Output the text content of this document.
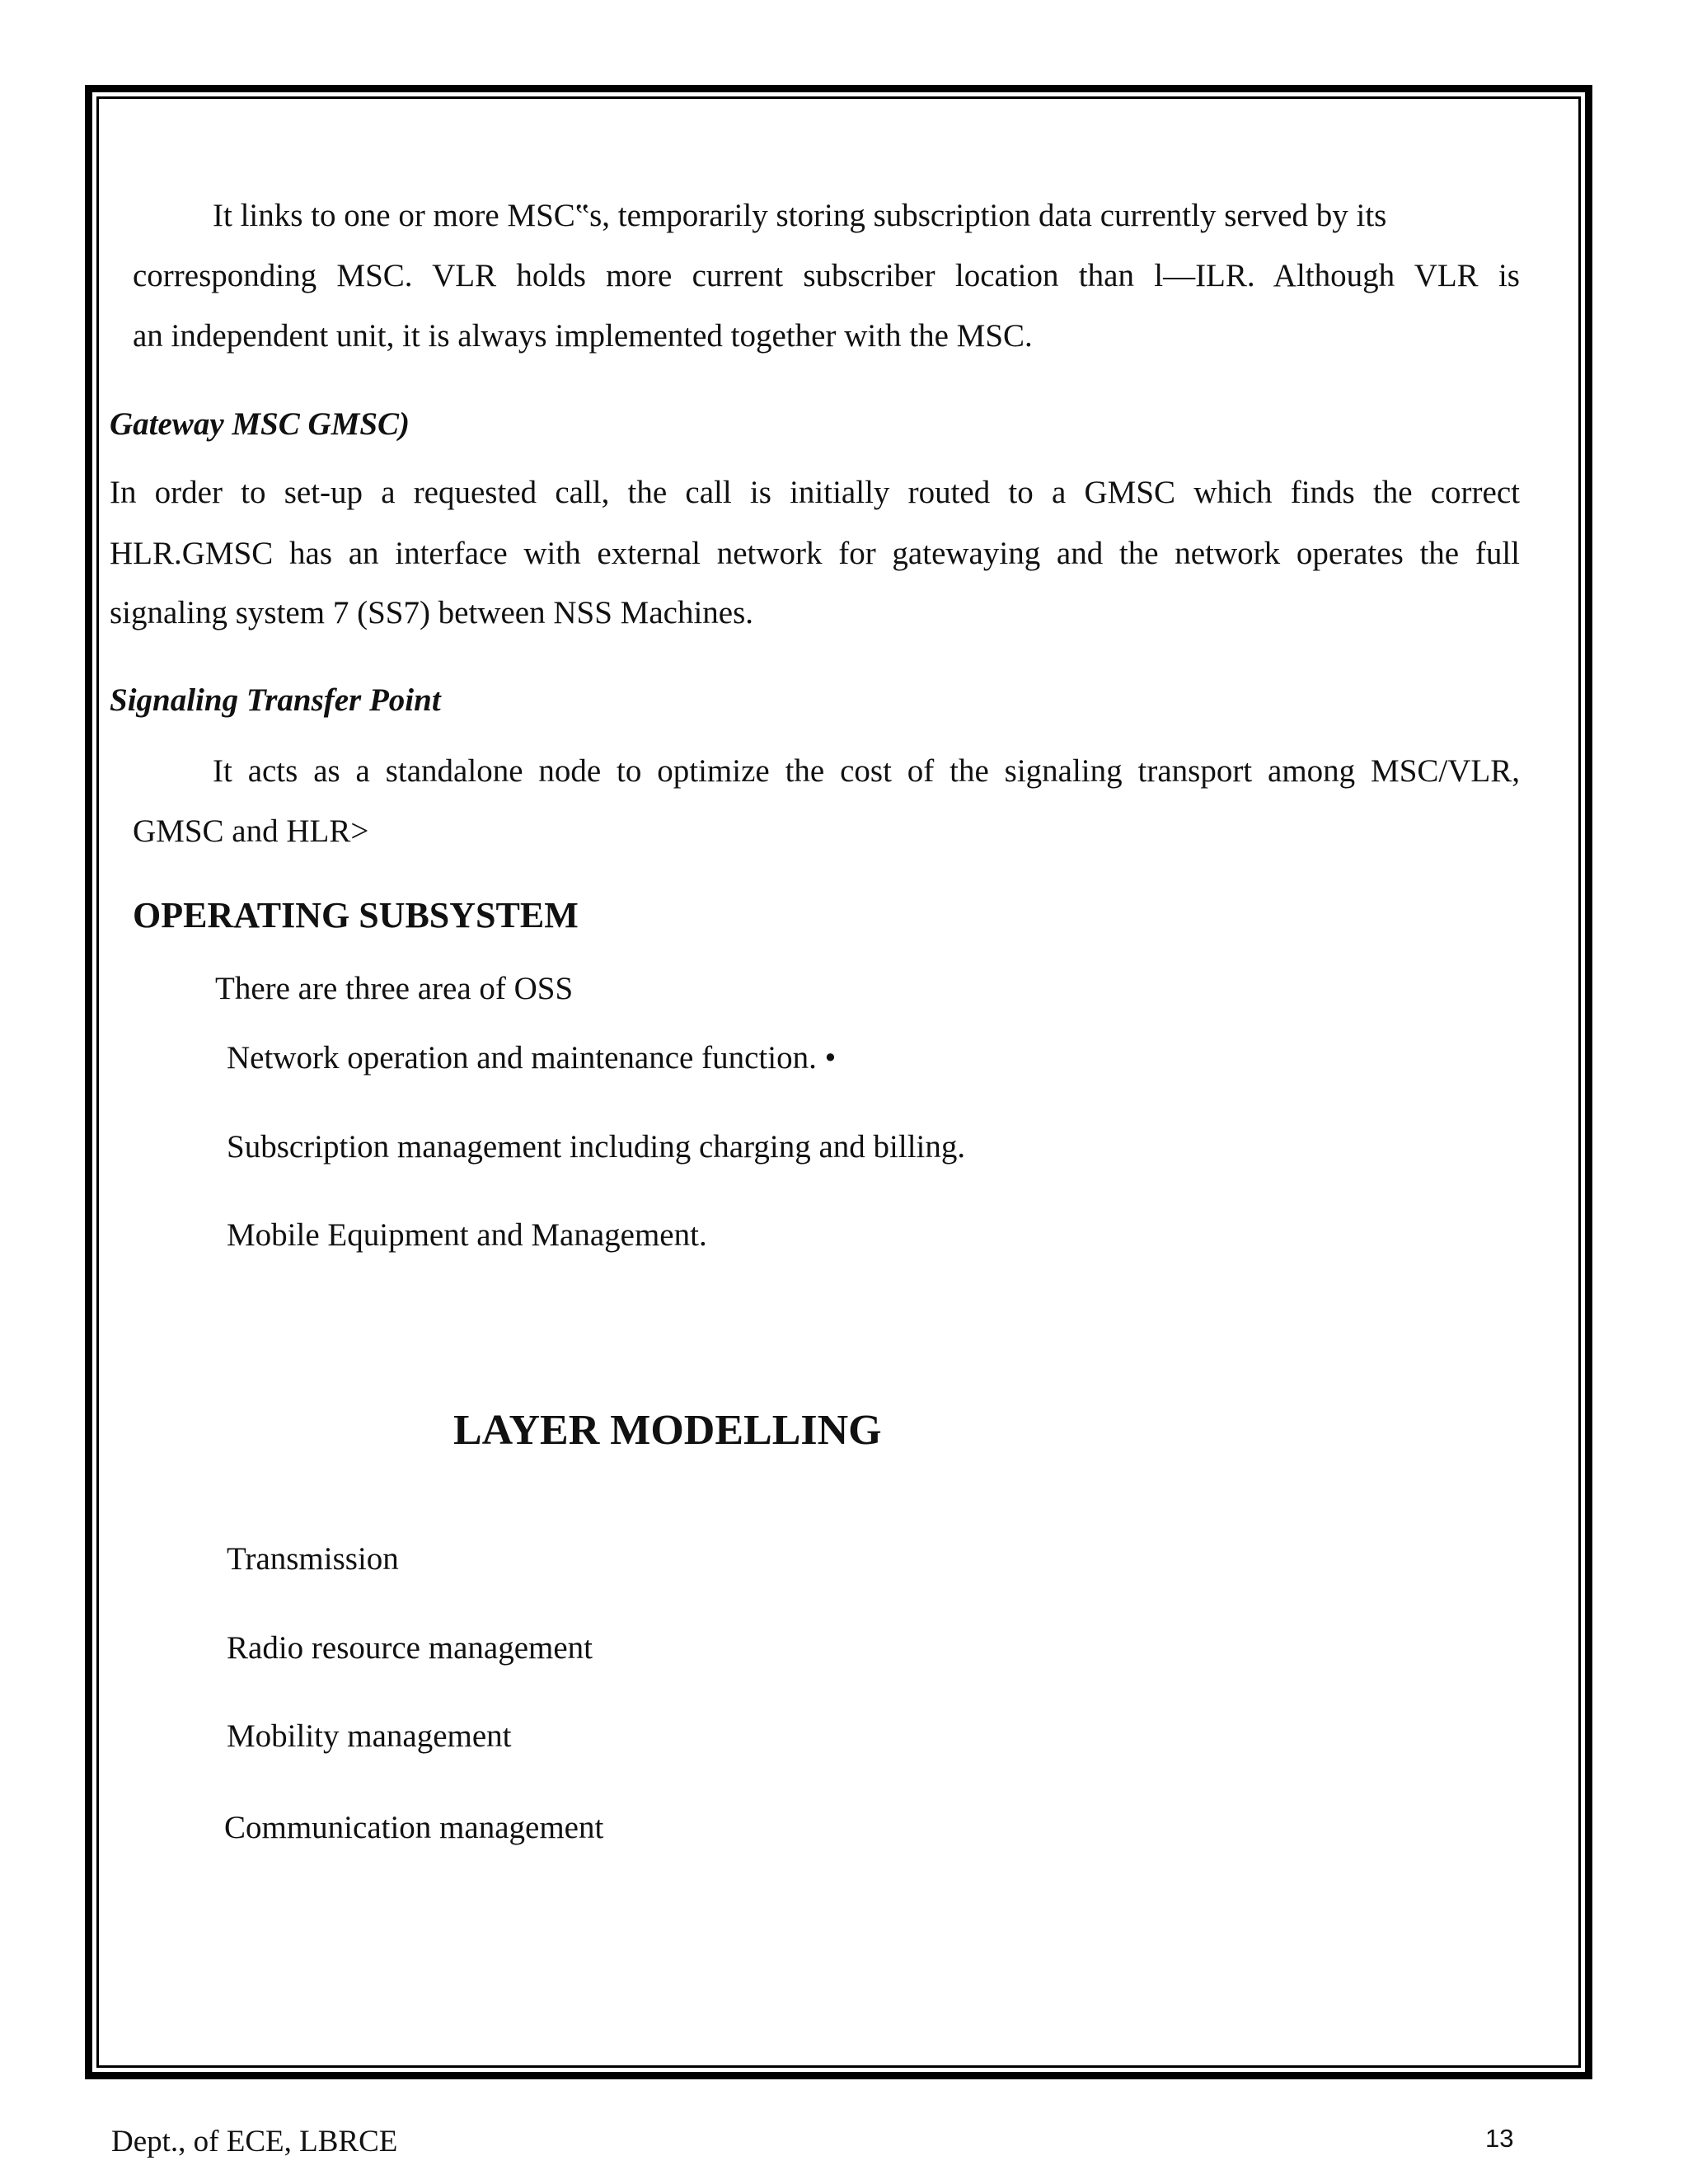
It links to one or more MSC‟s, temporarily storing subscription data currently served by its

corresponding MSC. VLR holds more current subscriber location than l—ILR. Although VLR is

an independent unit, it is always implemented together with the MSC.

Gateway MSC GMSC)

In order to set-up a requested call, the call is initially routed to a GMSC which finds the correct

HLR.GMSC has an interface with external network for gatewaying and the network operates the full

signaling system 7 (SS7) between NSS Machines.

Signaling Transfer Point

It acts as a standalone node to optimize the cost of the signaling transport among MSC/VLR,

GMSC and HLR>

OPERATING SUBSYSTEM

There are three area of OSS

Network operation and maintenance function. •

Subscription management including charging and billing.

Mobile Equipment and Management.

LAYER MODELLING

Transmission

Radio resource management

Mobility management

Communication management

Dept., of ECE, LBRCE	13
